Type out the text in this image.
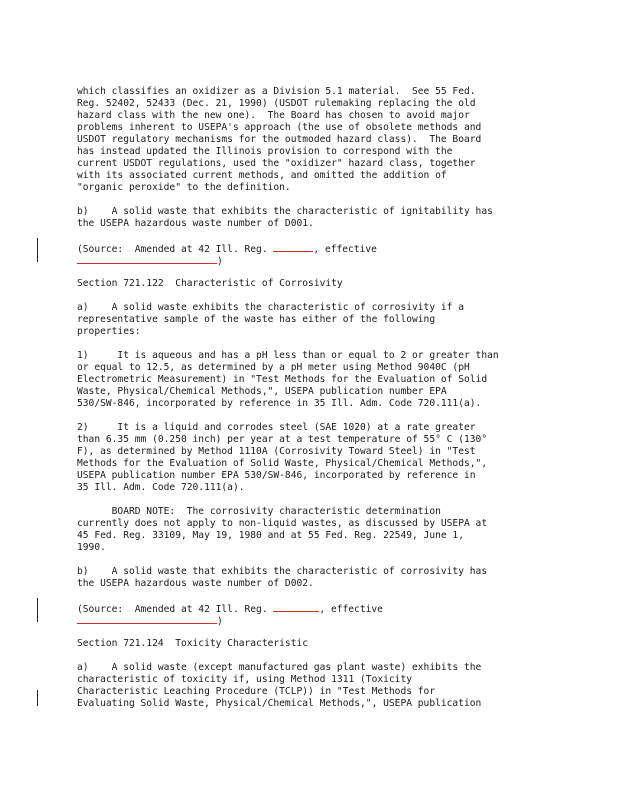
which classifies an oxidizer as a Division 5.1 material.  See 55 Fed.
Reg. 52402, 52433 (Dec. 21, 1990) (USDOT rulemaking replacing the old
hazard class with the new one).  The Board has chosen to avoid major
problems inherent to USEPA's approach (the use of obsolete methods and
USDOT regulatory mechanisms for the outmoded hazard class).  The Board
has instead updated the Illinois provision to correspond with the
current USDOT regulations, used the "oxidizer" hazard class, together
with its associated current methods, and omitted the addition of
"organic peroxide" to the definition.
b)    A solid waste that exhibits the characteristic of ignitability has
the USEPA hazardous waste number of D001.
(Source:  Amended at 42 Ill. Reg.	, effective
)
Section 721.122  Characteristic of Corrosivity
a)    A solid waste exhibits the characteristic of corrosivity if a
representative sample of the waste has either of the following
properties:
1)     It is aqueous and has a pH less than or equal to 2 or greater than
or equal to 12.5, as determined by a pH meter using Method 9040C (pH
Electrometric Measurement) in "Test Methods for the Evaluation of Solid
Waste, Physical/Chemical Methods,", USEPA publication number EPA
530/SW-846, incorporated by reference in 35 Ill. Adm. Code 720.111(a).
2)     It is a liquid and corrodes steel (SAE 1020) at a rate greater
than 6.35 mm (0.250 inch) per year at a test temperature of 55° C (130°
F), as determined by Method 1110A (Corrosivity Toward Steel) in "Test
Methods for the Evaluation of Solid Waste, Physical/Chemical Methods,",
USEPA publication number EPA 530/SW-846, incorporated by reference in
35 Ill. Adm. Code 720.111(a).
BOARD NOTE:  The corrosivity characteristic determination
currently does not apply to non-liquid wastes, as discussed by USEPA at
45 Fed. Reg. 33109, May 19, 1980 and at 55 Fed. Reg. 22549, June 1,
1990.
b)    A solid waste that exhibits the characteristic of corrosivity has
the USEPA hazardous waste number of D002.
(Source:  Amended at 42 Ill. Reg.	, effective
)
Section 721.124  Toxicity Characteristic
a)    A solid waste (except manufactured gas plant waste) exhibits the
characteristic of toxicity if, using Method 1311 (Toxicity
Characteristic Leaching Procedure (TCLP)) in "Test Methods for
Evaluating Solid Waste, Physical/Chemical Methods,", USEPA publication
